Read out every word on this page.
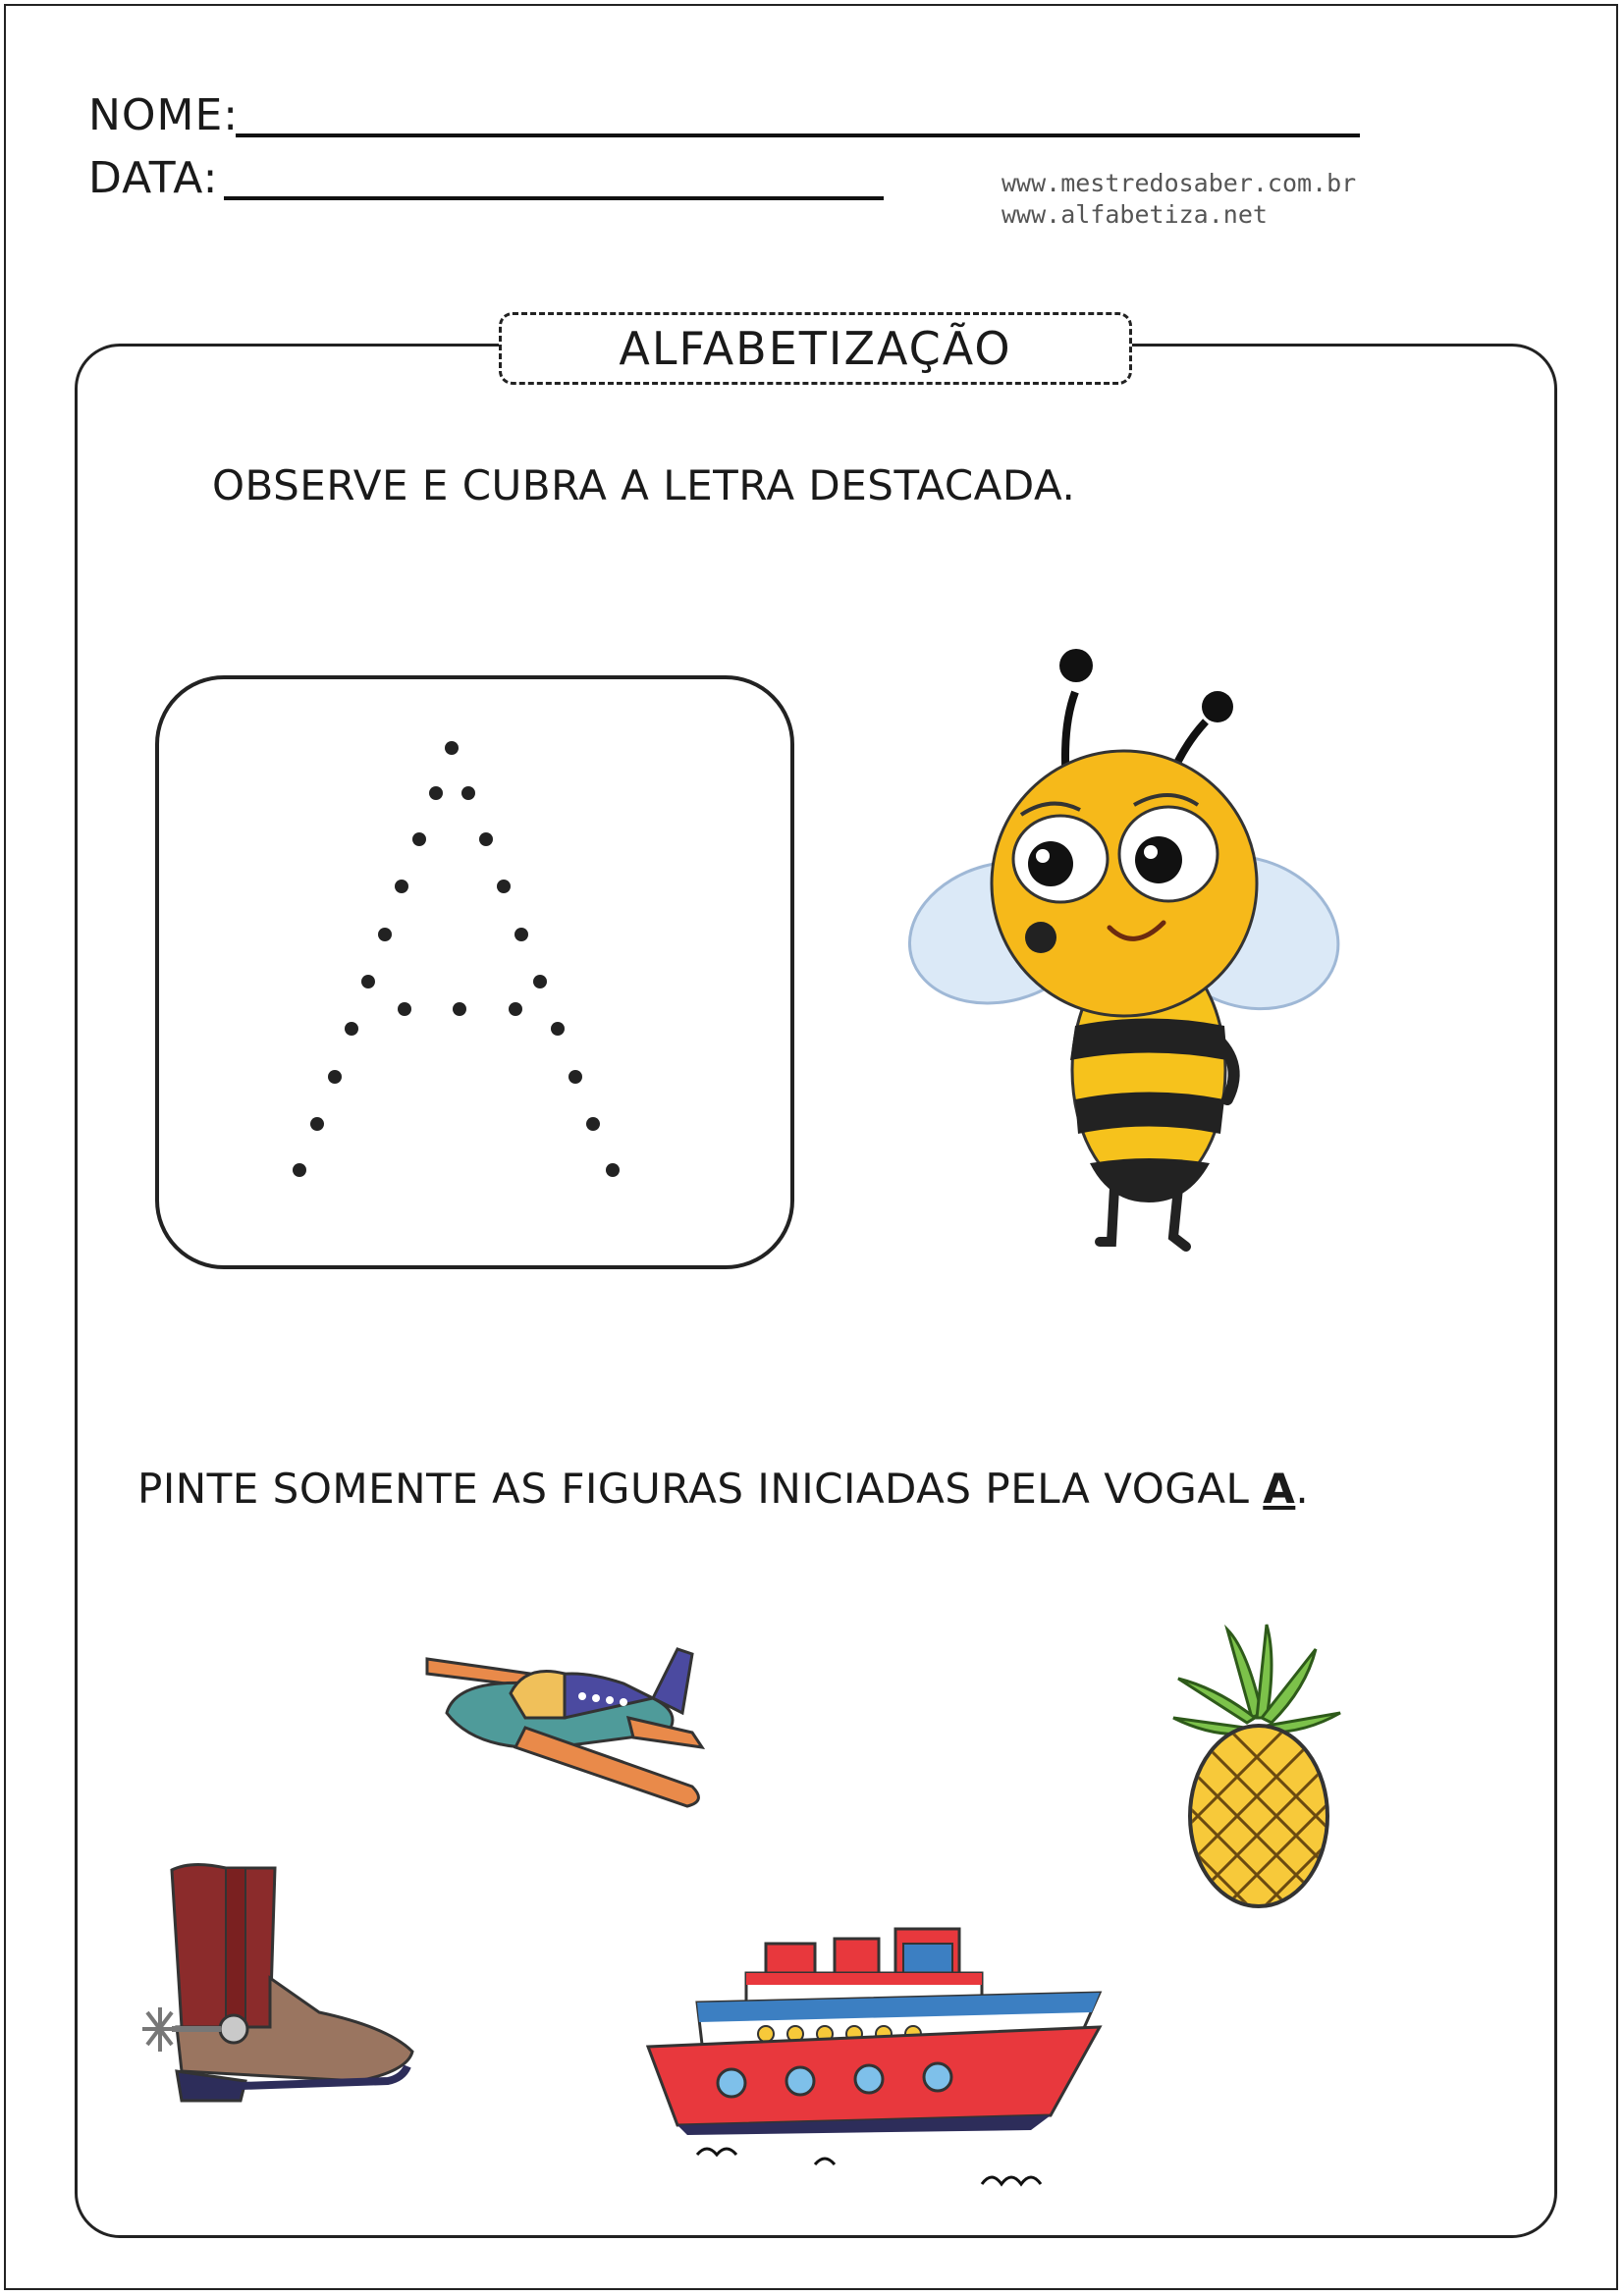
NOME:
DATA:	www.mestredosaber.com.br
www.alfabetiza.net
ALFABETIZAÇÃO
OBSERVE E CUBRA A LETRA DESTACADA.
PINTE SOMENTE AS FIGURAS INICIADAS PELA VOGAL A.
